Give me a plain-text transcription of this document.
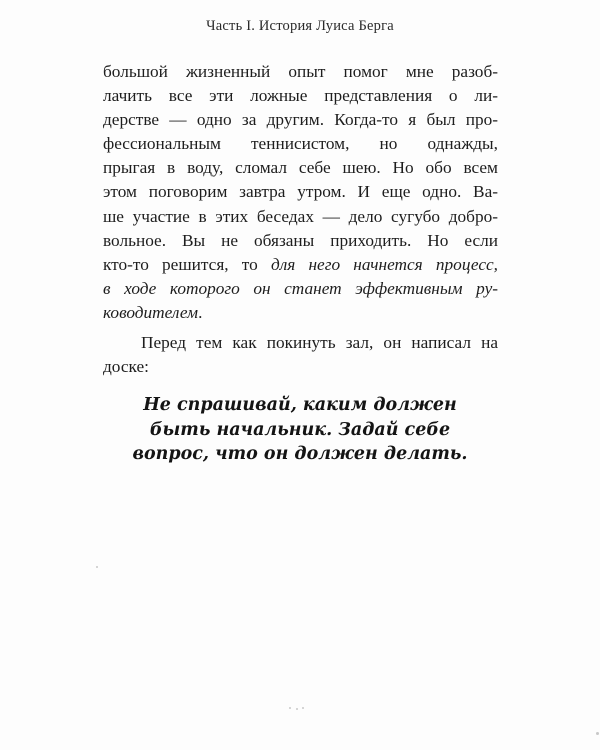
Часть I. История Луиса Берга
большой жизненный опыт помог мне разоб-
лачить все эти ложные представления о ли-
дерстве — одно за другим. Когда-то я был про-
фессиональным теннисистом, но однажды,
прыгая в воду, сломал себе шею. Но обо всем
этом поговорим завтра утром. И еще одно. Ва-
ше участие в этих беседах — дело сугубо добро-
вольное. Вы не обязаны приходить. Но если
кто-то решится, то для него начнется процесс,
в ходе которого он станет эффективным ру-
ководителем.
Перед тем как покинуть зал, он написал на
доске:
Не спрашивай, каким должен
быть начальник. Задай себе
вопрос, что он должен делать.
